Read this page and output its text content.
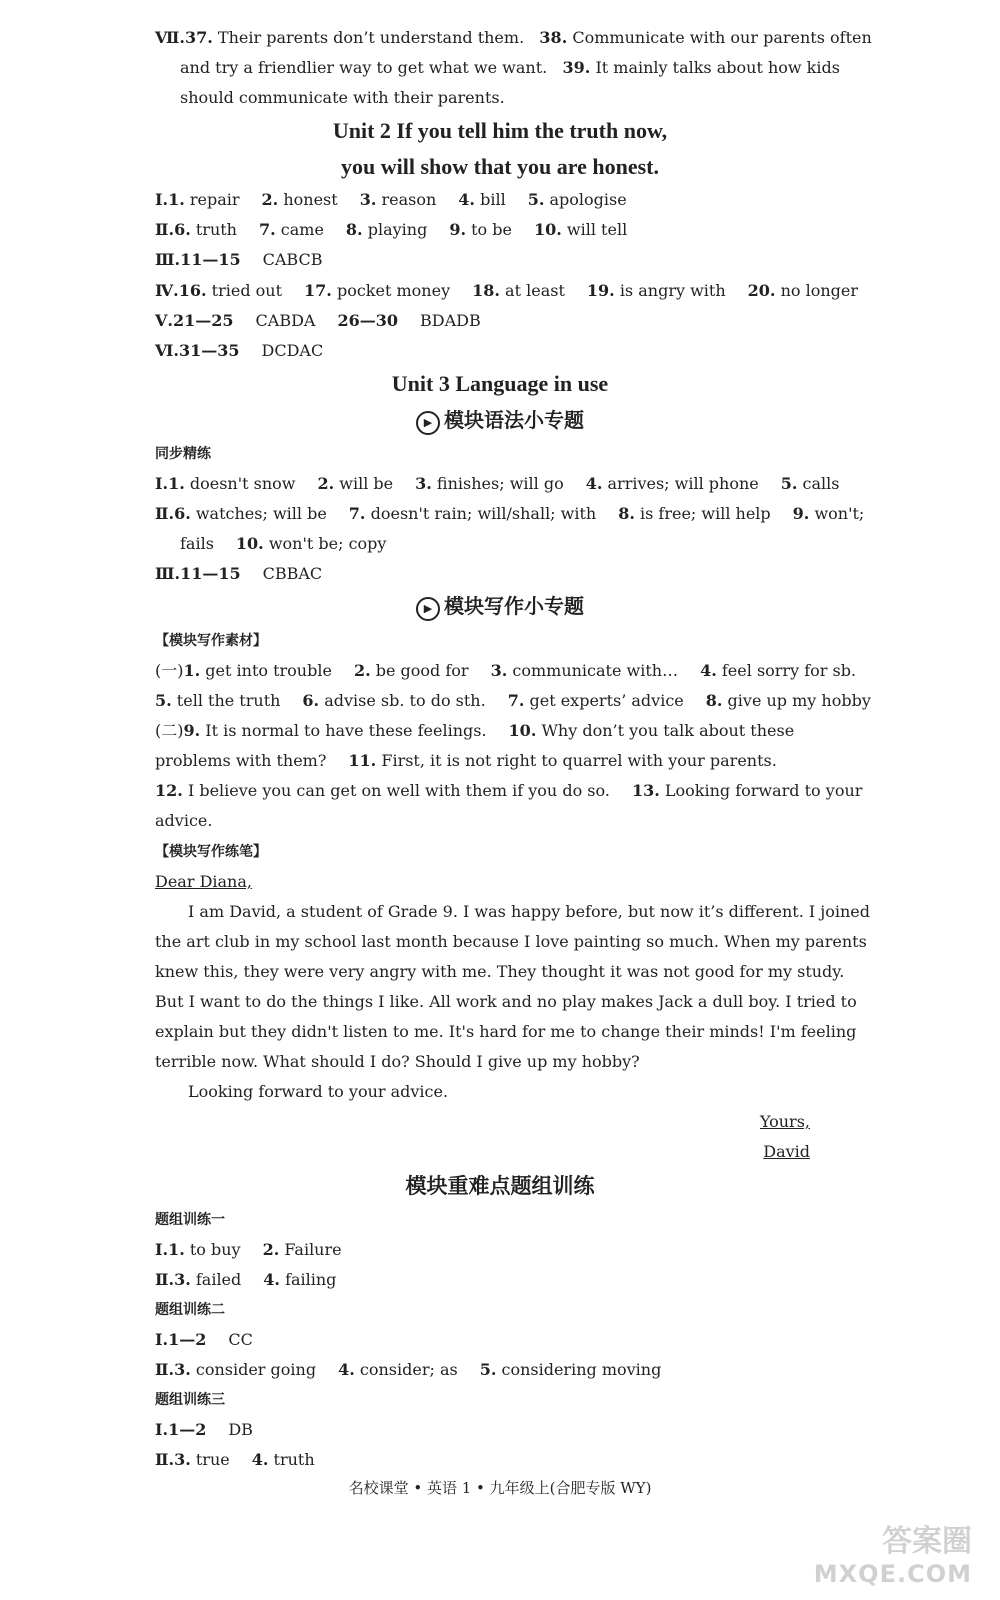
Ⅶ.37. Their parents don’t understand them. 38. Communicate with our parents often
and try a friendlier way to get what we want. 39. It mainly talks about how kids
should communicate with their parents.
Unit 2 If you tell him the truth now,
you will show that you are honest.
Ⅰ.1. repair 2. honest 3. reason 4. bill 5. apologise
Ⅱ.6. truth 7. came 8. playing 9. to be 10. will tell
Ⅲ.11—15 CABCB
Ⅳ.16. tried out 17. pocket money 18. at least 19. is angry with 20. no longer
Ⅴ.21—25 CABDA 26—30 BDADB
Ⅵ.31—35 DCDAC
Unit 3 Language in use
▶ 模块语法小专题
同步精练
Ⅰ.1. doesn't snow 2. will be 3. finishes; will go 4. arrives; will phone 5. calls
Ⅱ.6. watches; will be 7. doesn't rain; will/shall; with 8. is free; will help 9. won't;
fails 10. won't be; copy
Ⅲ.11—15 CBBAC
▶ 模块写作小专题
【模块写作素材】
(一)1. get into trouble 2. be good for 3. communicate with… 4. feel sorry for sb.
5. tell the truth 6. advise sb. to do sth. 7. get experts’ advice 8. give up my hobby
(二)9. It is normal to have these feelings. 10. Why don’t you talk about these
problems with them? 11. First, it is not right to quarrel with your parents.
12. I believe you can get on well with them if you do so. 13. Looking forward to your
advice.
【模块写作练笔】
Dear Diana,
I am David, a student of Grade 9. I was happy before, but now it’s different. I joined
the art club in my school last month because I love painting so much. When my parents
knew this, they were very angry with me. They thought it was not good for my study.
But I want to do the things I like. All work and no play makes Jack a dull boy. I tried to
explain but they didn't listen to me. It's hard for me to change their minds! I'm feeling
terrible now. What should I do? Should I give up my hobby?
Looking forward to your advice.
Yours,
David
模块重难点题组训练
题组训练一
Ⅰ.1. to buy 2. Failure
Ⅱ.3. failed 4. failing
题组训练二
Ⅰ.1—2 CC
Ⅱ.3. consider going 4. consider; as 5. considering moving
题组训练三
Ⅰ.1—2 DB
Ⅱ.3. true 4. truth
名校课堂 • 英语 1 • 九年级上(合肥专版 WY)
答案圈
MXQE.COM
